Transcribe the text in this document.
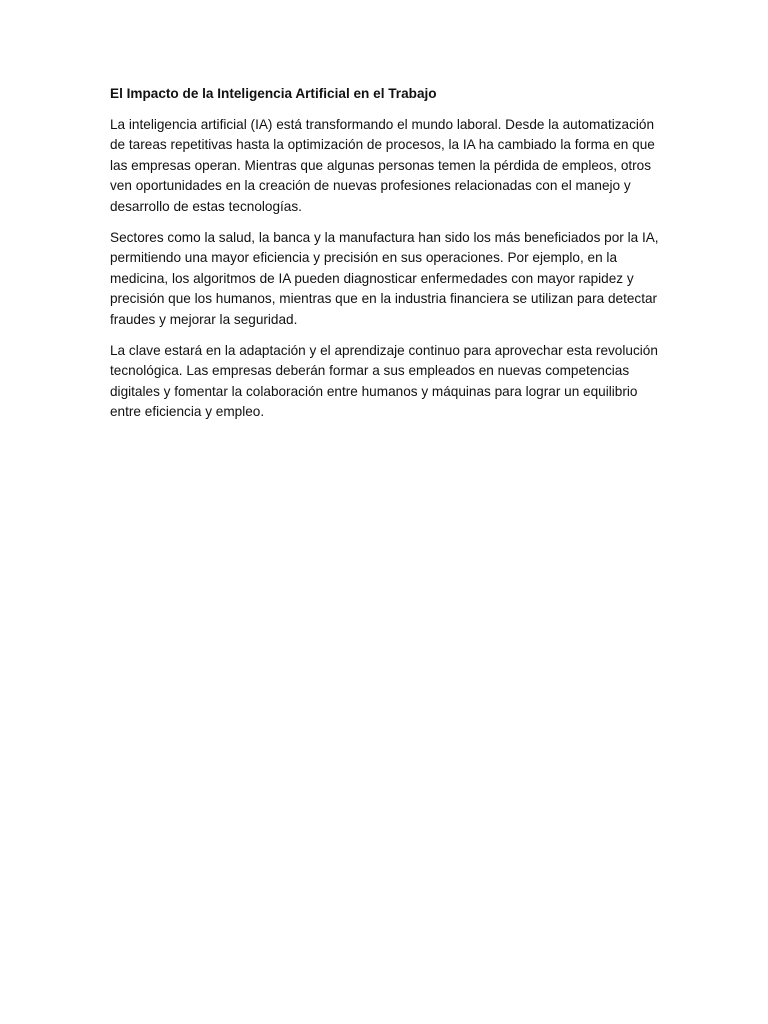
El Impacto de la Inteligencia Artificial en el Trabajo

La inteligencia artificial (IA) está transformando el mundo laboral. Desde la automatización de tareas repetitivas hasta la optimización de procesos, la IA ha cambiado la forma en que las empresas operan. Mientras que algunas personas temen la pérdida de empleos, otros ven oportunidades en la creación de nuevas profesiones relacionadas con el manejo y desarrollo de estas tecnologías.

Sectores como la salud, la banca y la manufactura han sido los más beneficiados por la IA, permitiendo una mayor eficiencia y precisión en sus operaciones. Por ejemplo, en la medicina, los algoritmos de IA pueden diagnosticar enfermedades con mayor rapidez y precisión que los humanos, mientras que en la industria financiera se utilizan para detectar fraudes y mejorar la seguridad.

La clave estará en la adaptación y el aprendizaje continuo para aprovechar esta revolución tecnológica. Las empresas deberán formar a sus empleados en nuevas competencias digitales y fomentar la colaboración entre humanos y máquinas para lograr un equilibrio entre eficiencia y empleo.
